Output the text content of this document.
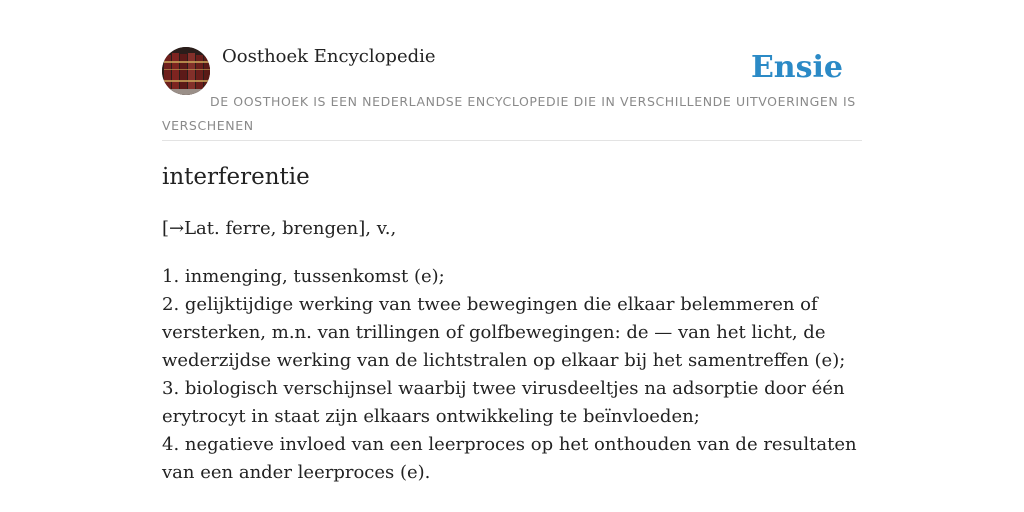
Oosthoek Encyclopedie	Ensie
DE OOSTHOEK IS EEN NEDERLANDSE ENCYCLOPEDIE DIE IN VERSCHILLENDE UITVOERINGEN IS VERSCHENEN
interferentie
[→Lat. ferre, brengen], v.,
1. inmenging, tussenkomst (e);
2. gelijktijdige werking van twee bewegingen die elkaar belemmeren of versterken, m.n. van trillingen of golfbewegingen: de — van het licht, de wederzijdse werking van de lichtstralen op elkaar bij het samentreffen (e);
3. biologisch verschijnsel waarbij twee virusdeeltjes na adsorptie door één erytrocyt in staat zijn elkaars ontwikkeling te beïnvloeden;
4. negatieve invloed van een leerproces op het onthouden van de resultaten van een ander leerproces (e).
